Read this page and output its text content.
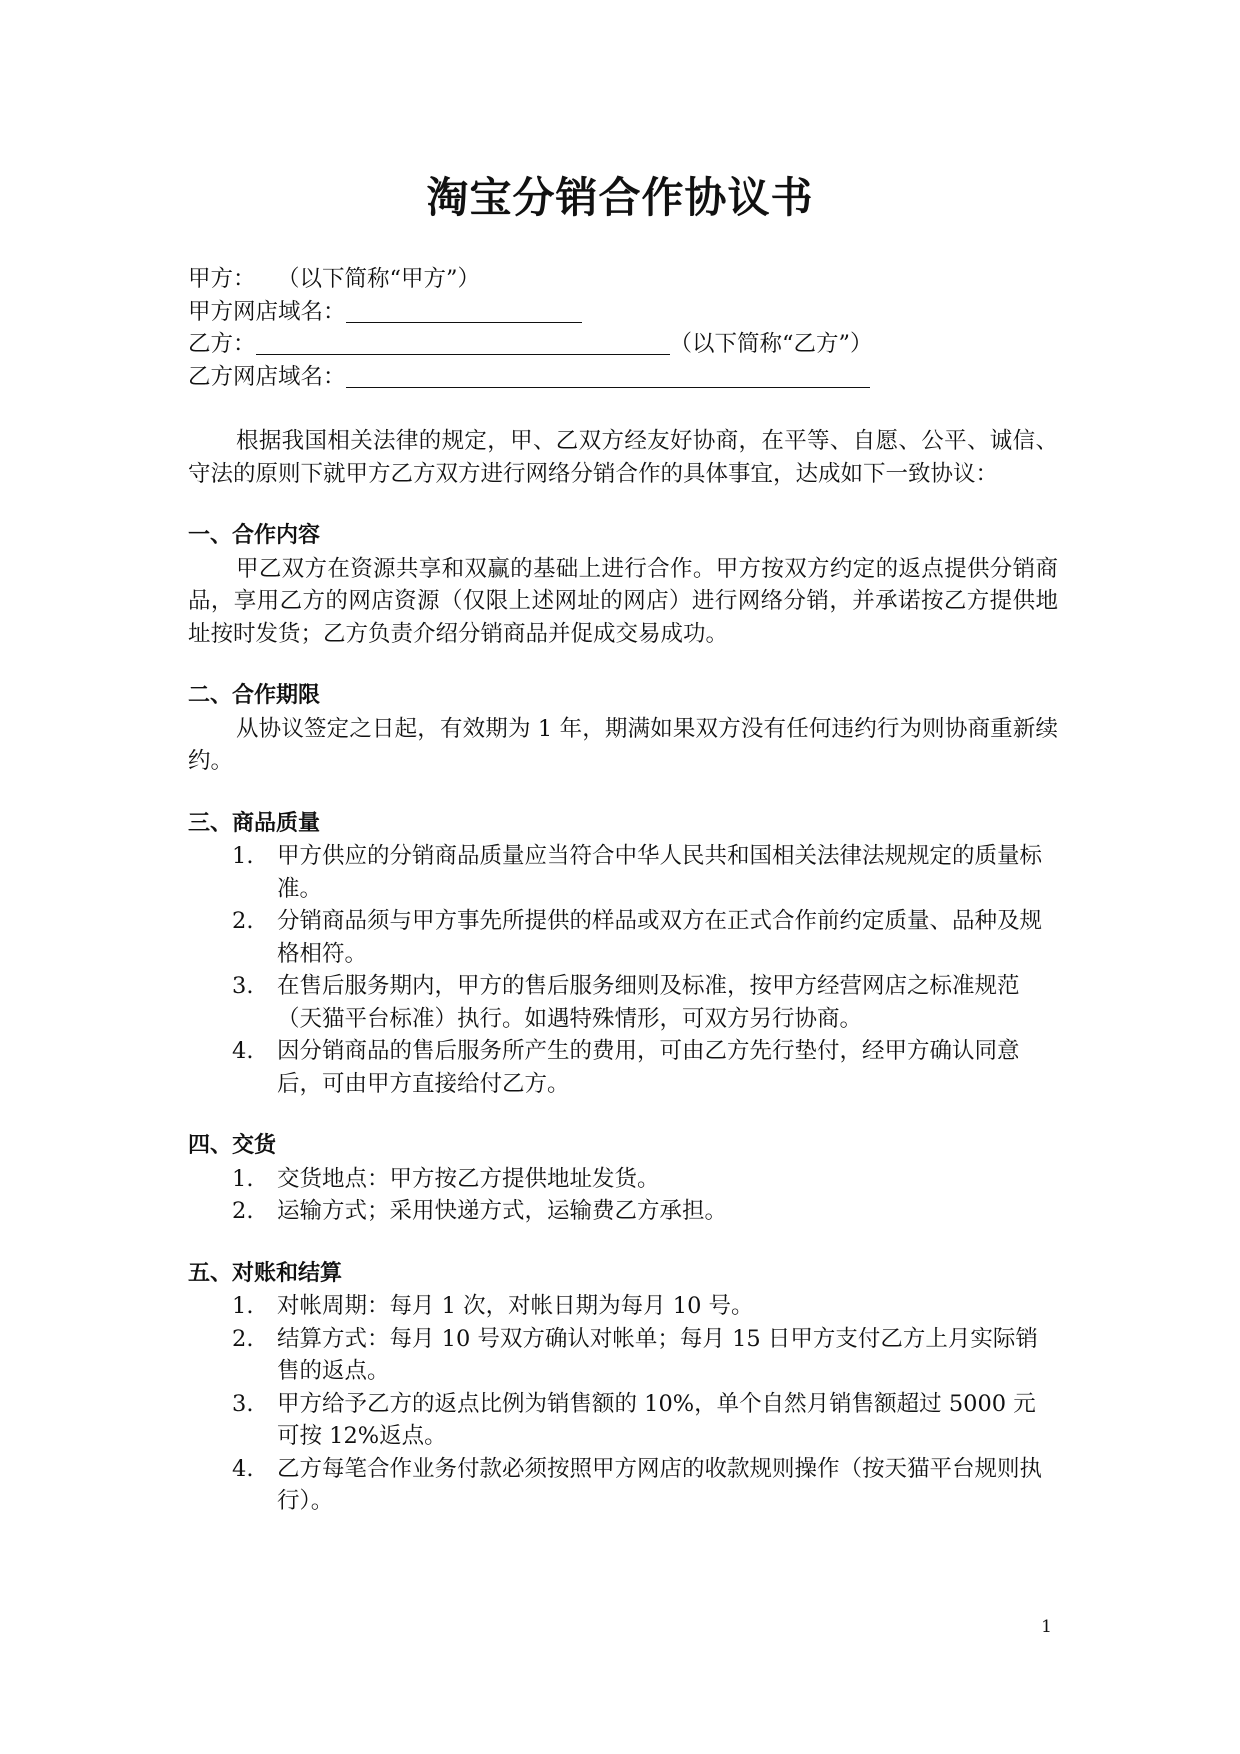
淘宝分销合作协议书
甲方： （以下简称“甲方”）
甲方网店域名：
乙方：	（以下简称“乙方”）
乙方网店域名：

根据我国相关法律的规定，甲、乙双方经友好协商，在平等、自愿、公平、诚信、守法的原则下就甲方乙方双方进行网络分销合作的具体事宜，达成如下一致协议：

一、合作内容

甲乙双方在资源共享和双赢的基础上进行合作。甲方按双方约定的返点提供分销商品，享用乙方的网店资源（仅限上述网址的网店）进行网络分销，并承诺按乙方提供地址按时发货；乙方负责介绍分销商品并促成交易成功。

二、合作期限

从协议签定之日起，有效期为 1 年，期满如果双方没有任何违约行为则协商重新续约。

三、商品质量

1. 甲方供应的分销商品质量应当符合中华人民共和国相关法律法规规定的质量标准。
2. 分销商品须与甲方事先所提供的样品或双方在正式合作前约定质量、品种及规格相符。
3. 在售后服务期内，甲方的售后服务细则及标准，按甲方经营网店之标准规范（天猫平台标准）执行。如遇特殊情形，可双方另行协商。
4. 因分销商品的售后服务所产生的费用，可由乙方先行垫付，经甲方确认同意后，可由甲方直接给付乙方。

四、交货

1. 交货地点：甲方按乙方提供地址发货。
2. 运输方式；采用快递方式，运输费乙方承担。

五、对账和结算

1. 对帐周期：每月 1 次，对帐日期为每月 10 号。
2. 结算方式：每月 10 号双方确认对帐单；每月 15 日甲方支付乙方上月实际销售的返点。
3. 甲方给予乙方的返点比例为销售额的 10%，单个自然月销售额超过 5000 元可按 12%返点。
4. 乙方每笔合作业务付款必须按照甲方网店的收款规则操作（按天猫平台规则执行）。
1
